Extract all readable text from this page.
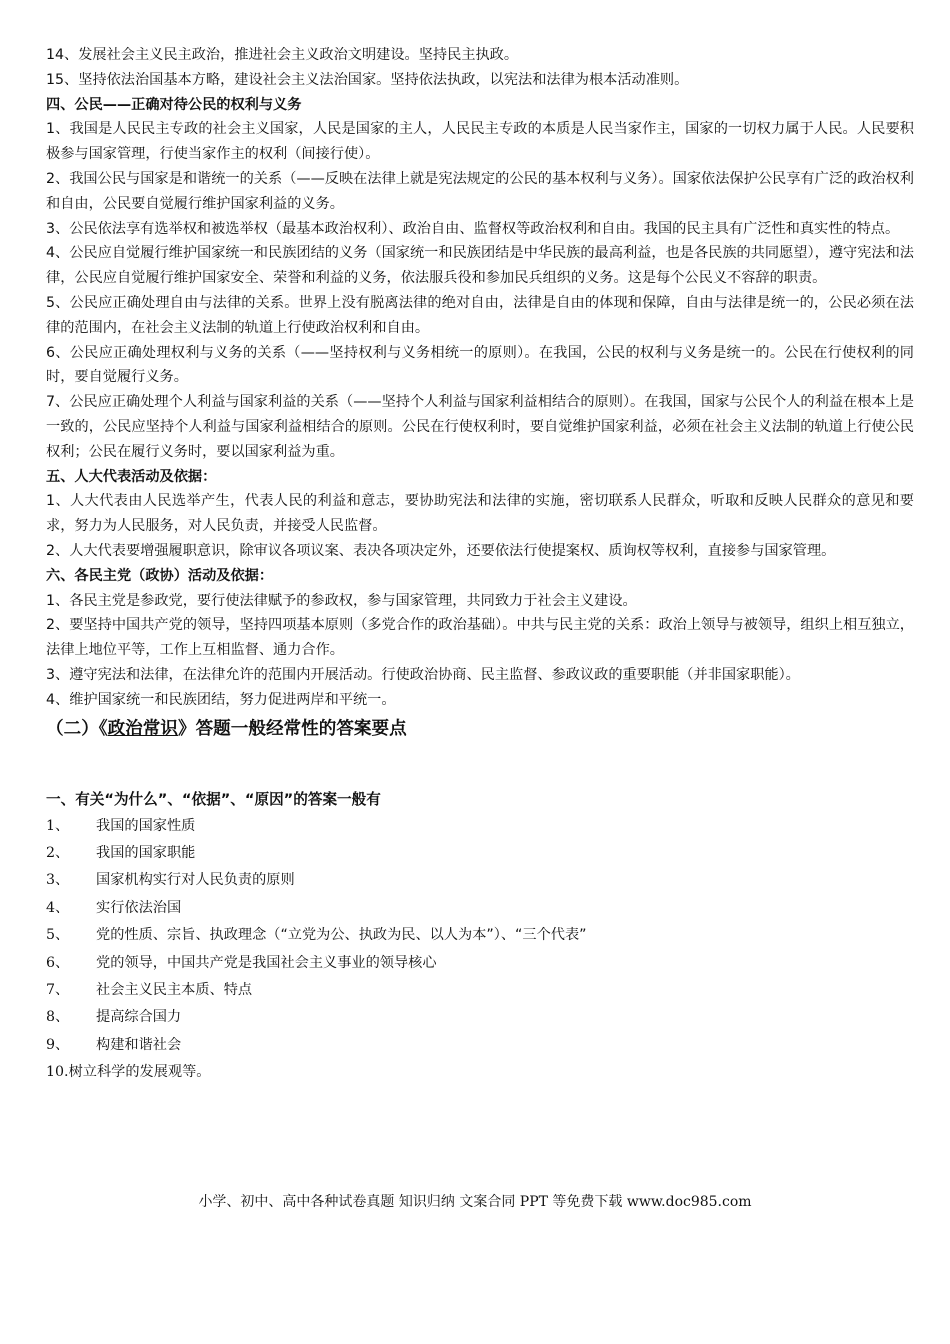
14、发展社会主义民主政治，推进社会主义政治文明建设。坚持民主执政。

15、坚持依法治国基本方略，建设社会主义法治国家。坚持依法执政，以宪法和法律为根本活动准则。

四、公民——正确对待公民的权利与义务

1、我国是人民民主专政的社会主义国家，人民是国家的主人，人民民主专政的本质是人民当家作主，国家的一切权力属于人民。人民要积极参与国家管理，行使当家作主的权利（间接行使）。

2、我国公民与国家是和谐统一的关系（——反映在法律上就是宪法规定的公民的基本权利与义务）。国家依法保护公民享有广泛的政治权利和自由，公民要自觉履行维护国家利益的义务。

3、公民依法享有选举权和被选举权（最基本政治权利）、政治自由、监督权等政治权利和自由。我国的民主具有广泛性和真实性的特点。

4、公民应自觉履行维护国家统一和民族团结的义务（国家统一和民族团结是中华民族的最高利益，也是各民族的共同愿望），遵守宪法和法律，公民应自觉履行维护国家安全、荣誉和利益的义务，依法服兵役和参加民兵组织的义务。这是每个公民义不容辞的职责。

5、公民应正确处理自由与法律的关系。世界上没有脱离法律的绝对自由，法律是自由的体现和保障，自由与法律是统一的，公民必须在法律的范围内，在社会主义法制的轨道上行使政治权利和自由。

6、公民应正确处理权利与义务的关系（——坚持权利与义务相统一的原则）。在我国，公民的权利与义务是统一的。公民在行使权利的同时，要自觉履行义务。

7、公民应正确处理个人利益与国家利益的关系（——坚持个人利益与国家利益相结合的原则）。在我国，国家与公民个人的利益在根本上是一致的，公民应坚持个人利益与国家利益相结合的原则。公民在行使权利时，要自觉维护国家利益，必须在社会主义法制的轨道上行使公民权利；公民在履行义务时，要以国家利益为重。

五、人大代表活动及依据：

1、人大代表由人民选举产生，代表人民的利益和意志，要协助宪法和法律的实施，密切联系人民群众，听取和反映人民群众的意见和要求，努力为人民服务，对人民负责，并接受人民监督。

2、人大代表要增强履职意识，除审议各项议案、表决各项决定外，还要依法行使提案权、质询权等权利，直接参与国家管理。

六、各民主党（政协）活动及依据：

1、各民主党是参政党，要行使法律赋予的参政权，参与国家管理，共同致力于社会主义建设。

2、要坚持中国共产党的领导，坚持四项基本原则（多党合作的政治基础）。中共与民主党的关系：政治上领导与被领导，组织上相互独立，法律上地位平等，工作上互相监督、通力合作。

3、遵守宪法和法律，在法律允许的范围内开展活动。行使政治协商、民主监督、参政议政的重要职能（并非国家职能）。

4、维护国家统一和民族团结，努力促进两岸和平统一。

（二）《政治常识》答题一般经常性的答案要点

一、有关“为什么”、“依据”、“原因”的答案一般有

1、	我国的国家性质
2、	我国的国家职能
3、	国家机构实行对人民负责的原则
4、	实行依法治国
5、	党的性质、宗旨、执政理念（“立党为公、执政为民、以人为本”）、“三个代表”
6、	党的领导，中国共产党是我国社会主义事业的领导核心
7、	社会主义民主本质、特点
8、	提高综合国力
9、	构建和谐社会

10.树立科学的发展观等。

小学、初中、高中各种试卷真题 知识归纳 文案合同 PPT 等免费下载 www.doc985.com
